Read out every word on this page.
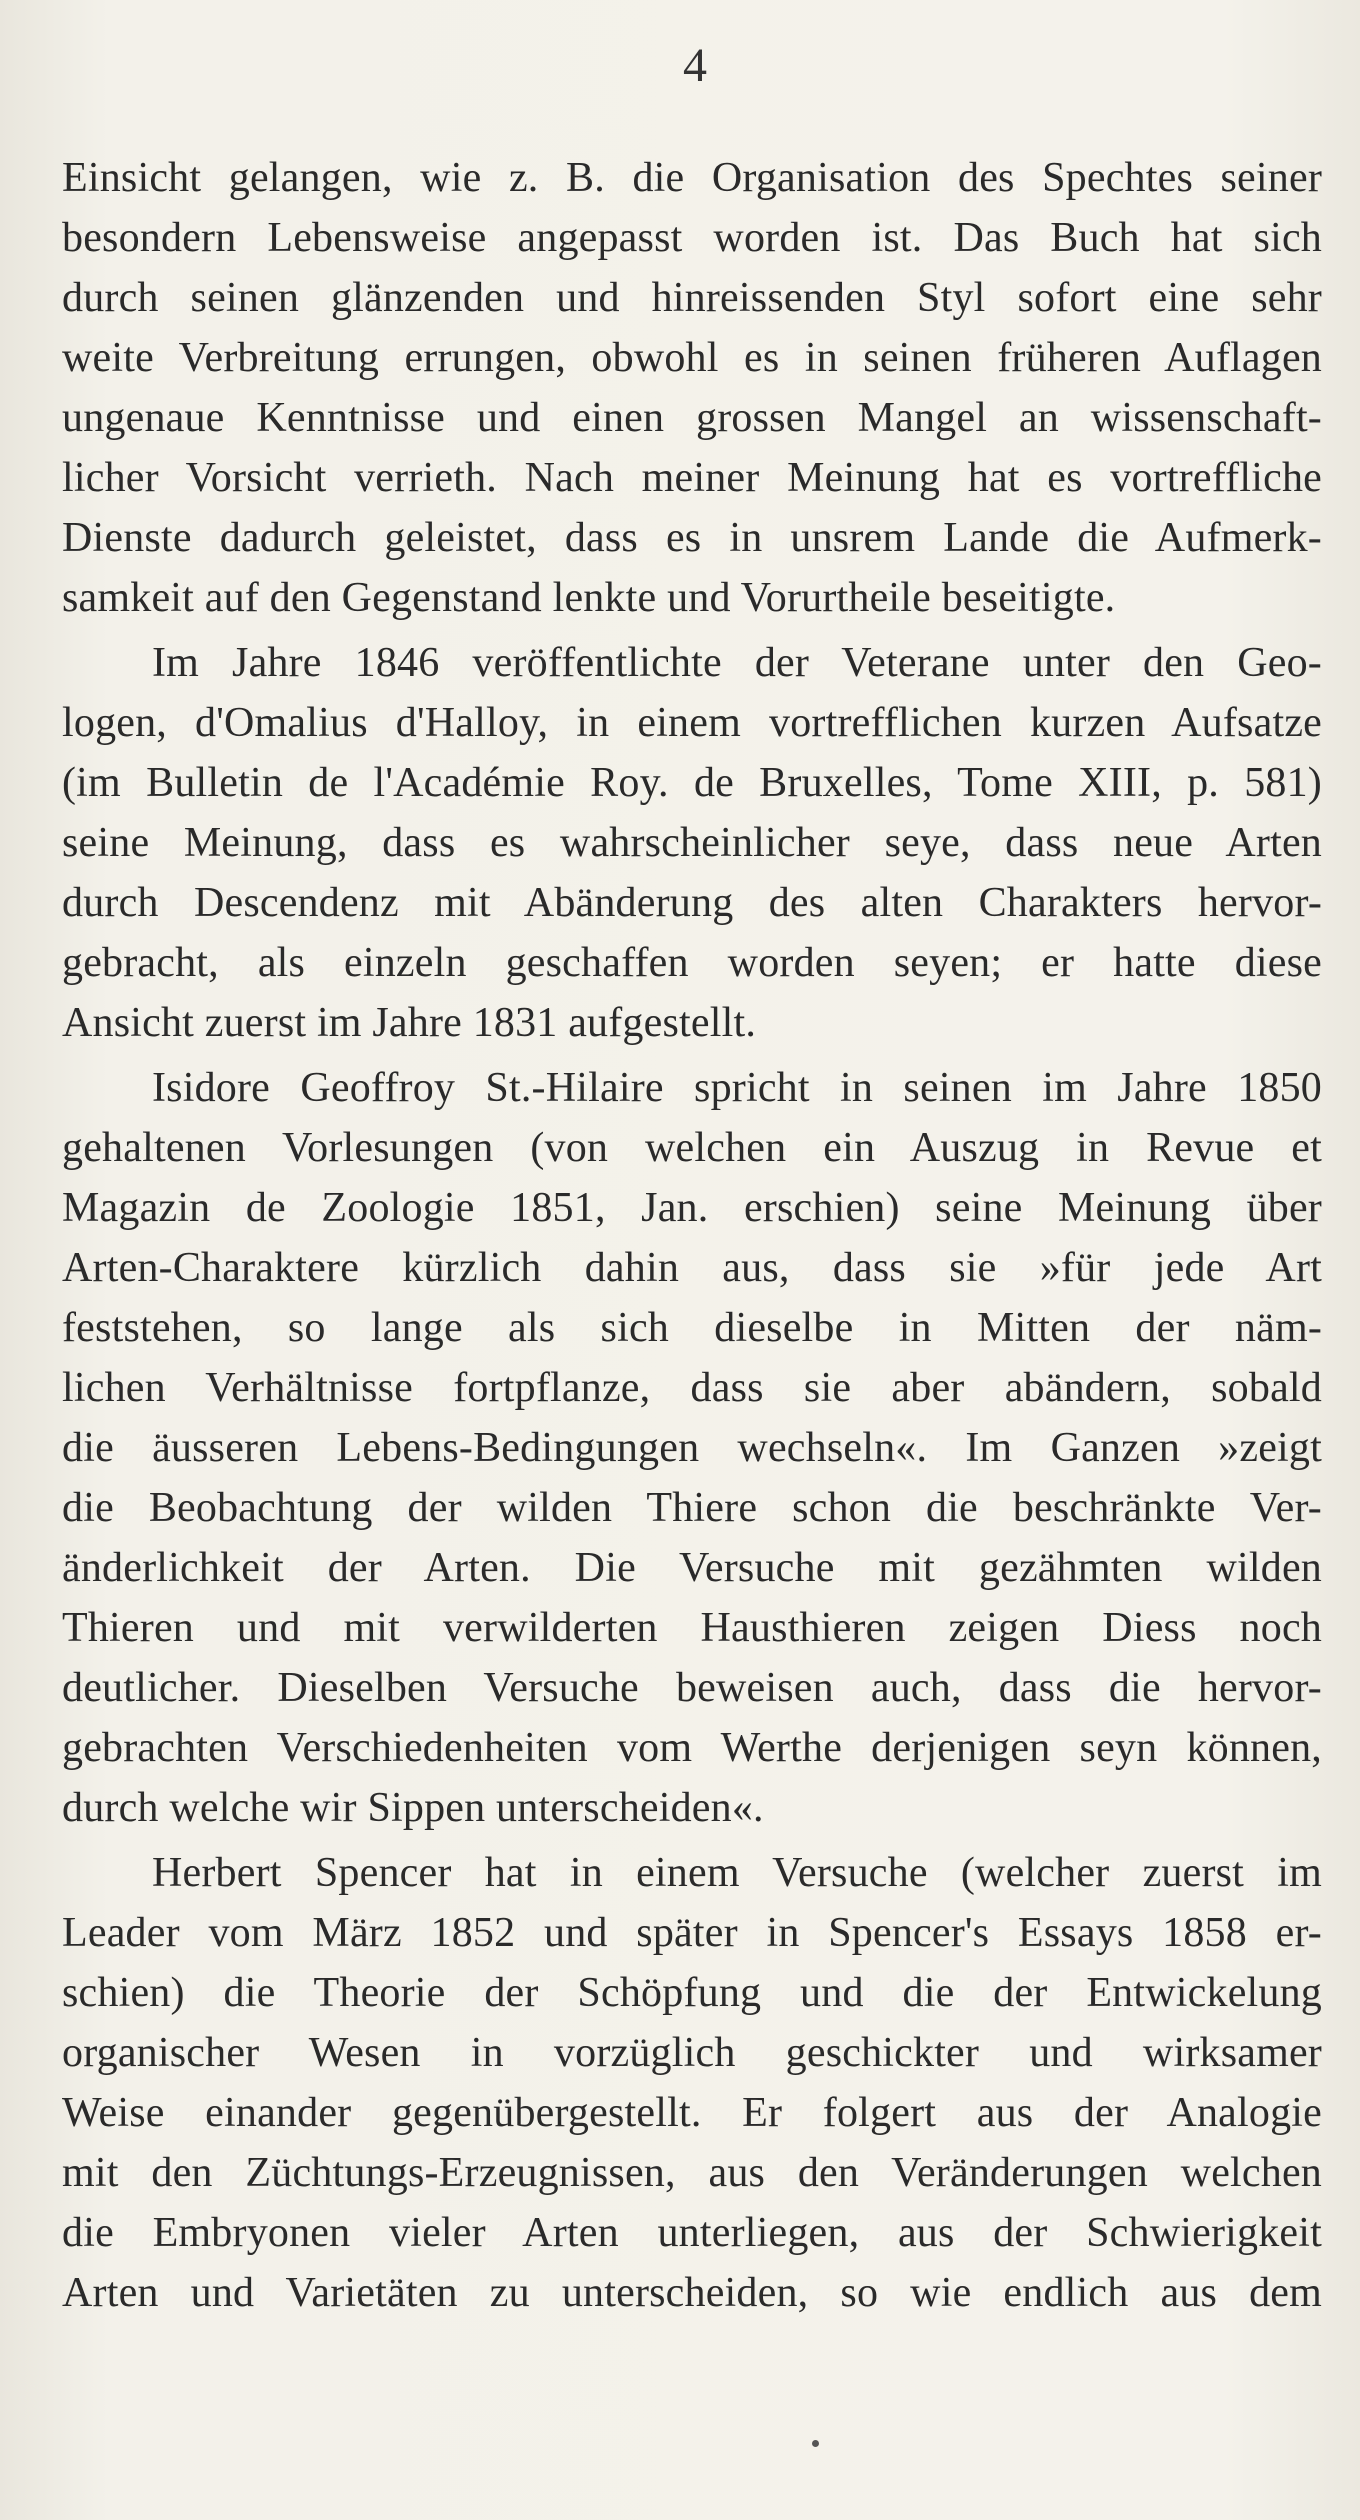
4
Einsicht gelangen, wie z. B. die Organisation des Spechtes seiner
besondern Lebensweise angepasst worden ist. Das Buch hat sich
durch seinen glänzenden und hinreissenden Styl sofort eine sehr
weite Verbreitung errungen, obwohl es in seinen früheren Auflagen
ungenaue Kenntnisse und einen grossen Mangel an wissenschaft-
licher Vorsicht verrieth. Nach meiner Meinung hat es vortreffliche
Dienste dadurch geleistet, dass es in unsrem Lande die Aufmerk-
samkeit auf den Gegenstand lenkte und Vorurtheile beseitigte.
Im Jahre 1846 veröffentlichte der Veterane unter den Geo-
logen, d'Omalius d'Halloy, in einem vortrefflichen kurzen Aufsatze
(im Bulletin de l'Académie Roy. de Bruxelles, Tome XIII, p. 581)
seine Meinung, dass es wahrscheinlicher seye, dass neue Arten
durch Descendenz mit Abänderung des alten Charakters hervor-
gebracht, als einzeln geschaffen worden seyen; er hatte diese
Ansicht zuerst im Jahre 1831 aufgestellt.
Isidore Geoffroy St.-Hilaire spricht in seinen im Jahre 1850
gehaltenen Vorlesungen (von welchen ein Auszug in Revue et
Magazin de Zoologie 1851, Jan. erschien) seine Meinung über
Arten-Charaktere kürzlich dahin aus, dass sie »für jede Art
feststehen, so lange als sich dieselbe in Mitten der näm-
lichen Verhältnisse fortpflanze, dass sie aber abändern, sobald
die äusseren Lebens-Bedingungen wechseln«. Im Ganzen »zeigt
die Beobachtung der wilden Thiere schon die beschränkte Ver-
änderlichkeit der Arten. Die Versuche mit gezähmten wilden
Thieren und mit verwilderten Hausthieren zeigen Diess noch
deutlicher. Dieselben Versuche beweisen auch, dass die hervor-
gebrachten Verschiedenheiten vom Werthe derjenigen seyn können,
durch welche wir Sippen unterscheiden«.
Herbert Spencer hat in einem Versuche (welcher zuerst im
Leader vom März 1852 und später in Spencer's Essays 1858 er-
schien) die Theorie der Schöpfung und die der Entwickelung
organischer Wesen in vorzüglich geschickter und wirksamer
Weise einander gegenübergestellt. Er folgert aus der Analogie
mit den Züchtungs-Erzeugnissen, aus den Veränderungen welchen
die Embryonen vieler Arten unterliegen, aus der Schwierigkeit
Arten und Varietäten zu unterscheiden, so wie endlich aus dem
